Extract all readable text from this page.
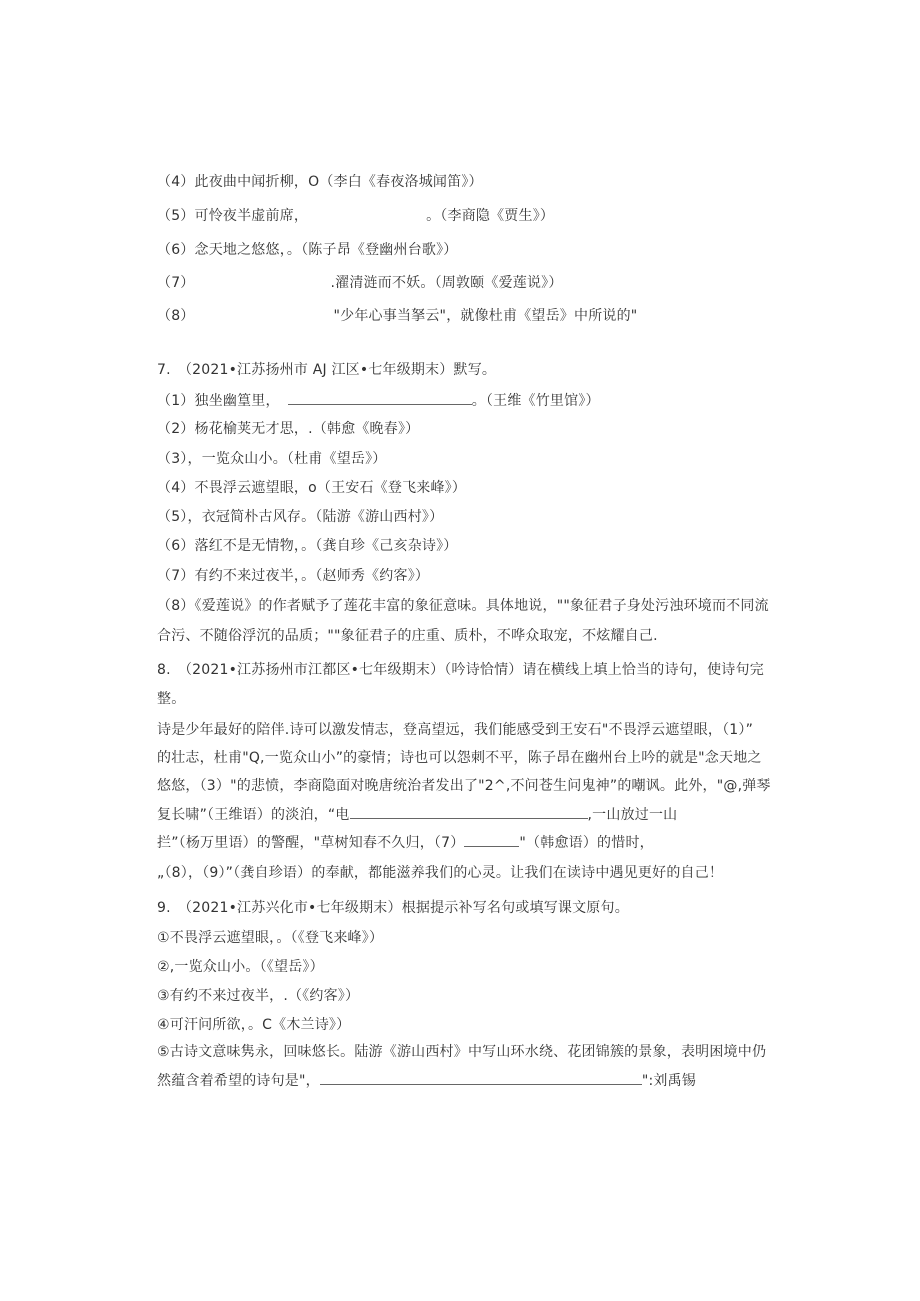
（4）此夜曲中闻折柳，O（李白《春夜洛城闻笛》）
（5）可怜夜半虚前席，	。（李商隐《贾生》）
（6）念天地之悠悠，。（陈子昂《登幽州台歌》）
（7）	.濯清涟而不妖。（周敦颐《爱莲说》）
（8）	"少年心事当拏云"，就像杜甫《望岳》中所说的"
7.　（2021•江苏扬州市 AJ 江区•七年级期末）默写。
（1）独坐幽篁里，	。（王维《竹里馆》）
（2）杨花榆荚无才思，.（韩愈《晚春》）
（3），一览众山小。（杜甫《望岳》）
（4）不畏浮云遮望眼，o（王安石《登飞来峰》）
（5），衣冠简朴古风存。（陆游《游山西村》）
（6）落红不是无情物，。（龚自珍《己亥杂诗》）
（7）有约不来过夜半，。（赵师秀《约客》）
（8）《爱莲说》的作者赋予了莲花丰富的象征意味。具体地说，""象征君子身处污浊环境而不同流
合污、不随俗浮沉的品质；""象征君子的庄重、质朴，不哗众取宠，不炫耀自己.
8.　（2021•江苏扬州市江都区•七年级期末）（吟诗恰情）请在横线上填上恰当的诗句，使诗句完
整。
诗是少年最好的陪伴.诗可以激发情志，登高望远，我们能感受到王安石"不畏浮云遮望眼，（1）”
的壮志，杜甫"Q,一览众山小”的豪情；诗也可以怨刺不平，陈子昂在幽州台上吟的就是"念天地之
悠悠，（3）"的悲愤，李商隐面对晚唐统治者发出了"2^,不问苍生问鬼神”的嘲讽。此外，"@,弹琴
复长啸”（王维语）的淡泊，“电	,一山放过一山
拦”（杨万里语）的警醒，"草树知春不久归，（7）	"（韩愈语）的惜时，
„（8），（9）”（龚自珍语）的奉献，都能滋养我们的心灵。让我们在读诗中遇见更好的自己！
9.　（2021•江苏兴化市•七年级期末）根据提示补写名句或填写课文原句。
①不畏浮云遮望眼，。（《登飞来峰》）
②,一览众山小。（《望岳》）
③有约不来过夜半，.（《约客》）
④可汗问所欲，。C《木兰诗》）
⑤古诗文意味隽永，回味悠长。陆游《游山西村》中写山环水绕、花团锦簇的景象，表明困境中仍
然蕴含着希望的诗句是"，	":刘禹锡
